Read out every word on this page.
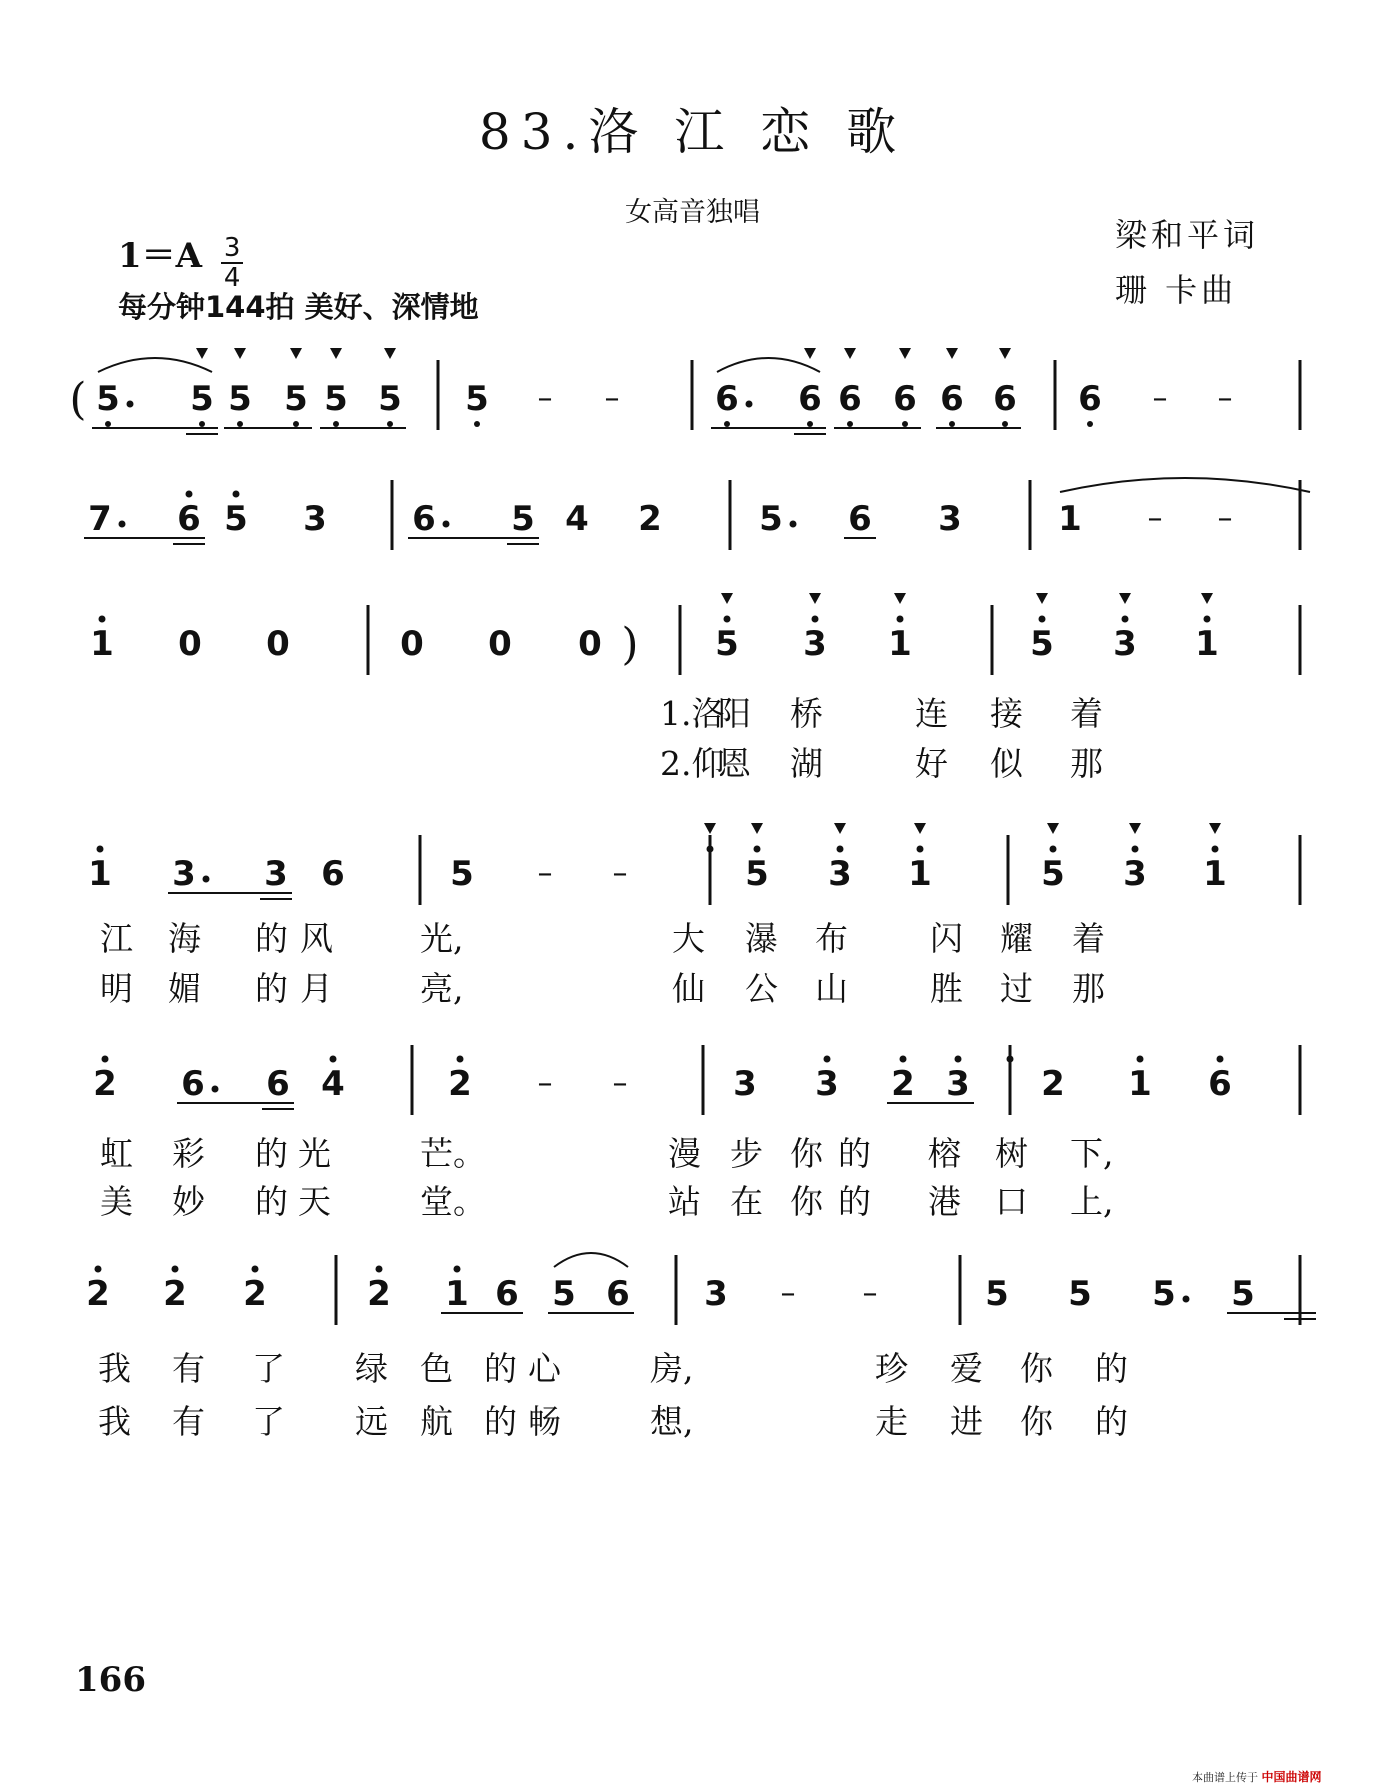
83.洛 江 恋 歌
女高音独唱
梁和平词
珊 卡曲
$1=A \frac{3}{4}$
每分钟144拍 美好、深情地
( 5 5 5 5 5 5 5 – –	6 6 6 6 6 6 6 – –
7 6 5 3	6 5 4 2	5 6 3	1 – –
1 0 0	0 0 0 ) 5 3 1	5 3 1
1 3 3 6	5 – –	5 3 1	5 3 1
2 6 6 4	2 – –	3 3 2 3 2 1 6
2 2 2	2 1 6 5 6 3 – –	5 5 5 5
1.洛
阳 桥	连 接 着
2.仰
恩 湖	好 似 那
江 海 的 风	光,	大 瀑 布 闪 耀 着
明 媚 的 月	亮,	仙 公 山 胜 过 那
虹 彩 的 光	芒。	漫 步 你 的 榕 树 下,
美 妙 的 天	堂。	站 在 你 的 港 口 上,
我 有 了 绿 色 的 心	房,	珍 爱 你 的
我 有 了 远 航 的 畅	想,	走 进 你 的
166
本曲谱上传于 中国曲谱网
